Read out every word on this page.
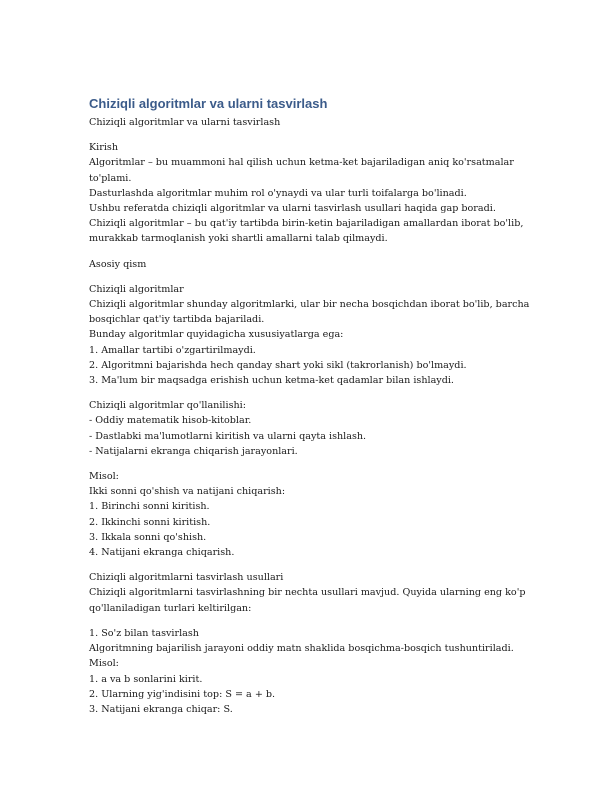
Chiziqli algoritmlar va ularni tasvirlash
Chiziqli algoritmlar va ularni tasvirlash
Kirish
Algoritmlar – bu muammoni hal qilish uchun ketma-ket bajariladigan aniq ko'rsatmalar
to'plami.
Dasturlashda algoritmlar muhim rol o'ynaydi va ular turli toifalarga bo'linadi.
Ushbu referatda chiziqli algoritmlar va ularni tasvirlash usullari haqida gap boradi.
Chiziqli algoritmlar – bu qat'iy tartibda birin-ketin bajariladigan amallardan iborat bo'lib,
murakkab tarmoqlanish yoki shartli amallarni talab qilmaydi.
Asosiy qism
Chiziqli algoritmlar
Chiziqli algoritmlar shunday algoritmlarki, ular bir necha bosqichdan iborat bo'lib, barcha
bosqichlar qat'iy tartibda bajariladi.
Bunday algoritmlar quyidagicha xususiyatlarga ega:
1. Amallar tartibi o'zgartirilmaydi.
2. Algoritmni bajarishda hech qanday shart yoki sikl (takrorlanish) bo'lmaydi.
3. Ma'lum bir maqsadga erishish uchun ketma-ket qadamlar bilan ishlaydi.
Chiziqli algoritmlar qo'llanilishi:
- Oddiy matematik hisob-kitoblar.
- Dastlabki ma'lumotlarni kiritish va ularni qayta ishlash.
- Natijalarni ekranga chiqarish jarayonlari.
Misol:
Ikki sonni qo'shish va natijani chiqarish:
1. Birinchi sonni kiritish.
2. Ikkinchi sonni kiritish.
3. Ikkala sonni qo'shish.
4. Natijani ekranga chiqarish.
Chiziqli algoritmlarni tasvirlash usullari
Chiziqli algoritmlarni tasvirlashning bir nechta usullari mavjud. Quyida ularning eng ko'p
qo'llaniladigan turlari keltirilgan:
1. So'z bilan tasvirlash
Algoritmning bajarilish jarayoni oddiy matn shaklida bosqichma-bosqich tushuntiriladi.
Misol:
1. a va b sonlarini kirit.
2. Ularning yig'indisini top: S = a + b.
3. Natijani ekranga chiqar: S.
